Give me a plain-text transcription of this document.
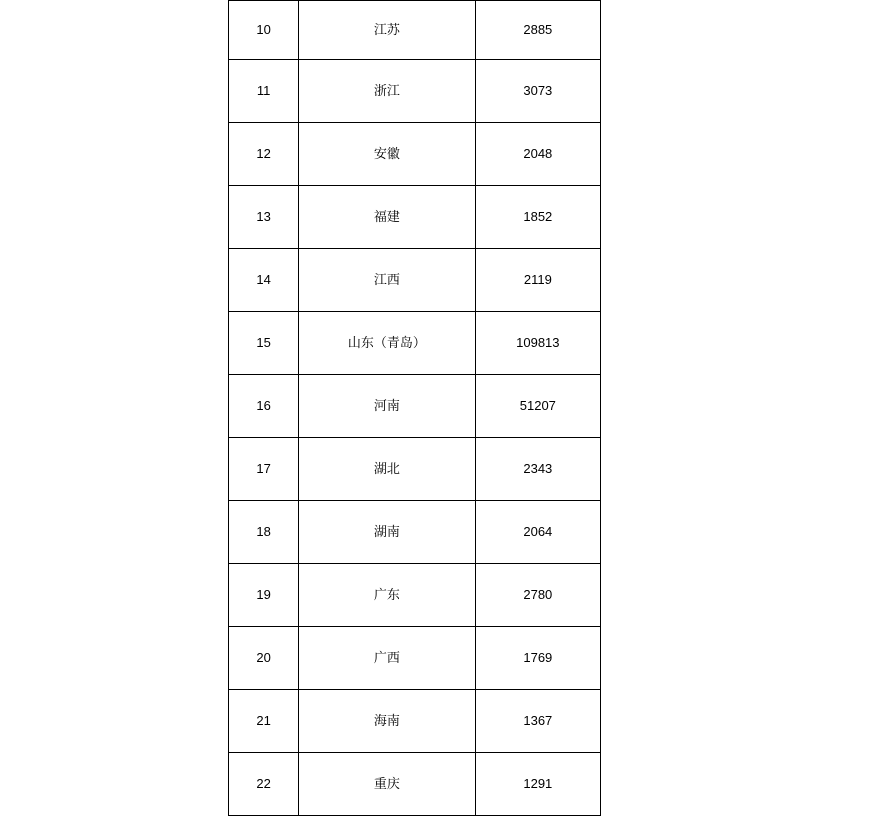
10	江苏	2885
11	浙江	3073
12	安徽	2048
13	福建	1852
14	江西	2119
15	山东（青岛）	109813
16	河南	51207
17	湖北	2343
18	湖南	2064
19	广东	2780
20	广西	1769
21	海南	1367
22	重庆	1291
